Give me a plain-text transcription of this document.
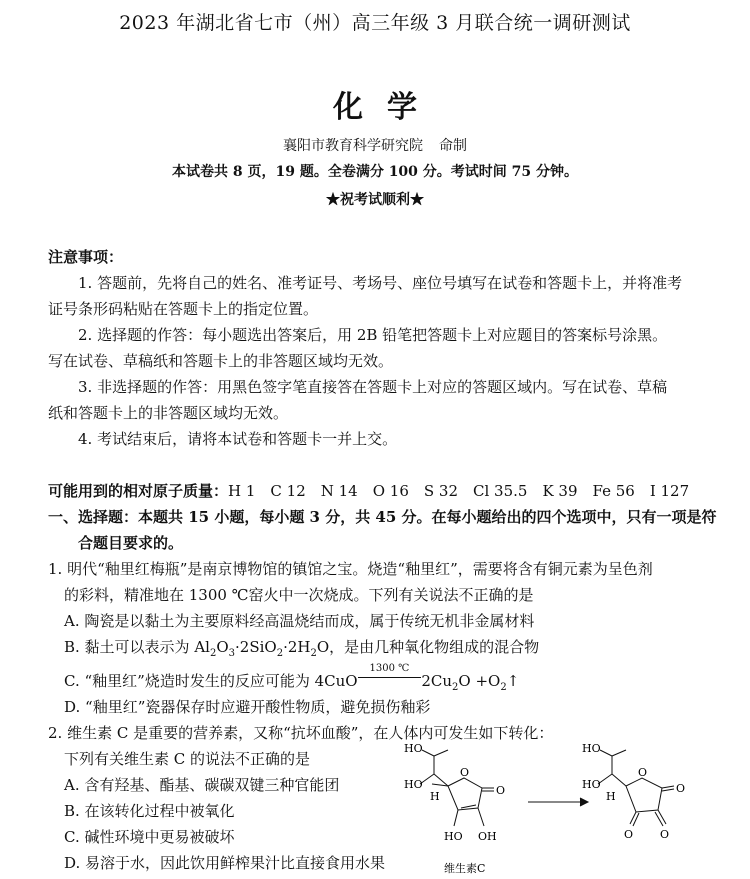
2023 年湖北省七市（州）高三年级 3 月联合统一调研测试
化学
襄阳市教育科学研究院 命制
本试卷共 8 页，19 题。全卷满分 100 分。考试时间 75 分钟。
★祝考试顺利★
注意事项：
1. 答题前，先将自己的姓名、准考证号、考场号、座位号填写在试卷和答题卡上，并将准考
证号条形码粘贴在答题卡上的指定位置。
2. 选择题的作答：每小题选出答案后，用 2B 铅笔把答题卡上对应题目的答案标号涂黑。
写在试卷、草稿纸和答题卡上的非答题区域均无效。
3. 非选择题的作答：用黑色签字笔直接答在答题卡上对应的答题区域内。写在试卷、草稿
纸和答题卡上的非答题区域均无效。
4. 考试结束后，请将本试卷和答题卡一并上交。
可能用到的相对原子质量：H 1　C 12　N 14　O 16　S 32　Cl 35.5　K 39　Fe 56　I 127
一、选择题：本题共 15 小题，每小题 3 分，共 45 分。在每小题给出的四个选项中，只有一项是符
合题目要求的。
1. 明代“釉里红梅瓶”是南京博物馆的镇馆之宝。烧造“釉里红”，需要将含有铜元素为呈色剂
的彩料，精准地在 1300 ℃窑火中一次烧成。下列有关说法不正确的是
A. 陶瓷是以黏土为主要原料经高温烧结而成，属于传统无机非金属材料
B. 黏土可以表示为 $Al_2O_3\cdot 2SiO_2\cdot 2H_2O$，是由几种氧化物组成的混合物
C. “釉里红”烧造时发生的反应可能为 4CuO
1300 ℃
$2Cu_2O$ $+O_2↑$
D. “釉里红”瓷器保存时应避开酸性物质，避免损伤釉彩
2. 维生素 C 是重要的营养素，又称“抗坏血酸”，在人体内可发生如下转化：
下列有关维生素 C 的说法不正确的是
A. 含有羟基、酯基、碳碳双键三种官能团
B. 在该转化过程中被氧化
C. 碱性环境中更易被破坏
D. 易溶于水，因此饮用鲜榨果汁比直接食用水果
HO
HO
H
O
O
HO OH
维生素C
HO
HO
H
O
O
O
O
